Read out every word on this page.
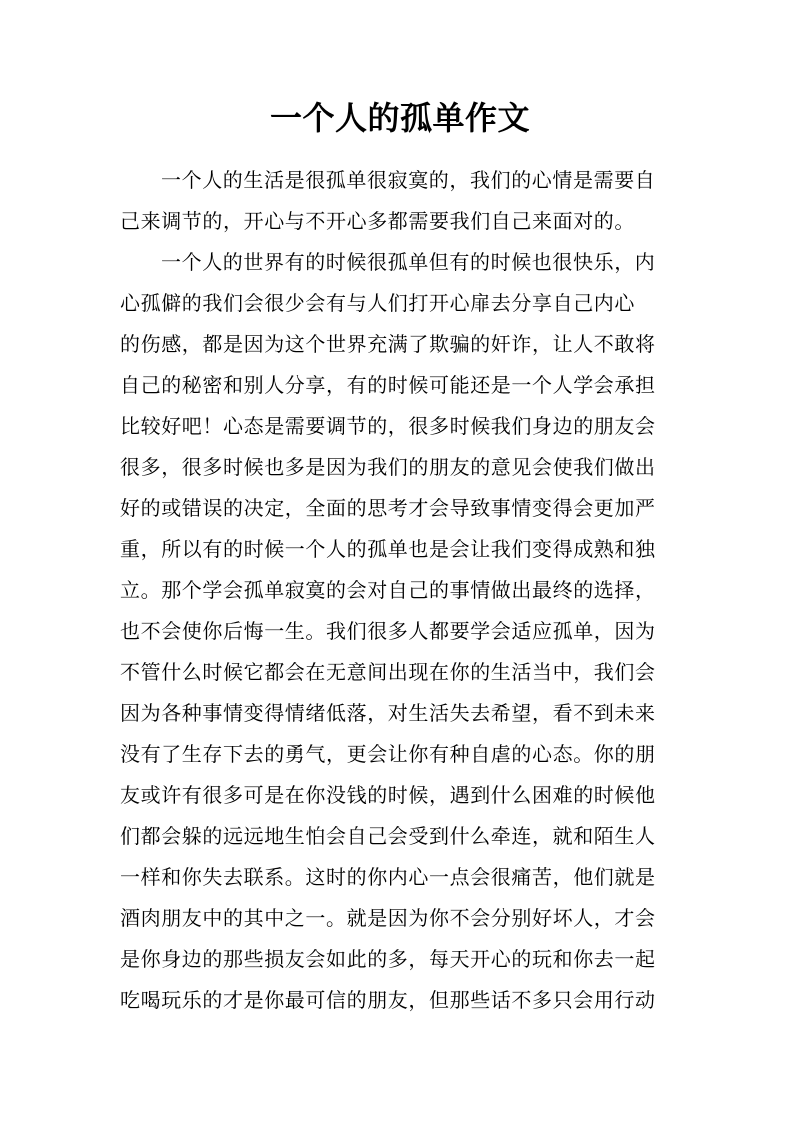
一个人的孤单作文

一个人的生活是很孤单很寂寞的，我们的心情是需要自
己来调节的，开心与不开心多都需要我们自己来面对的。

一个人的世界有的时候很孤单但有的时候也很快乐，内
心孤僻的我们会很少会有与人们打开心扉去分享自己内心
的伤感，都是因为这个世界充满了欺骗的奸诈，让人不敢将
自己的秘密和别人分享，有的时候可能还是一个人学会承担
比较好吧！心态是需要调节的，很多时候我们身边的朋友会
很多，很多时候也多是因为我们的朋友的意见会使我们做出
好的或错误的决定，全面的思考才会导致事情变得会更加严
重，所以有的时候一个人的孤单也是会让我们变得成熟和独
立。那个学会孤单寂寞的会对自己的事情做出最终的选择，
也不会使你后悔一生。我们很多人都要学会适应孤单，因为
不管什么时候它都会在无意间出现在你的生活当中，我们会
因为各种事情变得情绪低落，对生活失去希望，看不到未来
没有了生存下去的勇气，更会让你有种自虐的心态。你的朋
友或许有很多可是在你没钱的时候，遇到什么困难的时候他
们都会躲的远远地生怕会自己会受到什么牵连，就和陌生人
一样和你失去联系。这时的你内心一点会很痛苦，他们就是
酒肉朋友中的其中之一。就是因为你不会分别好坏人，才会
是你身边的那些损友会如此的多，每天开心的玩和你去一起
吃喝玩乐的才是你最可信的朋友，但那些话不多只会用行动
